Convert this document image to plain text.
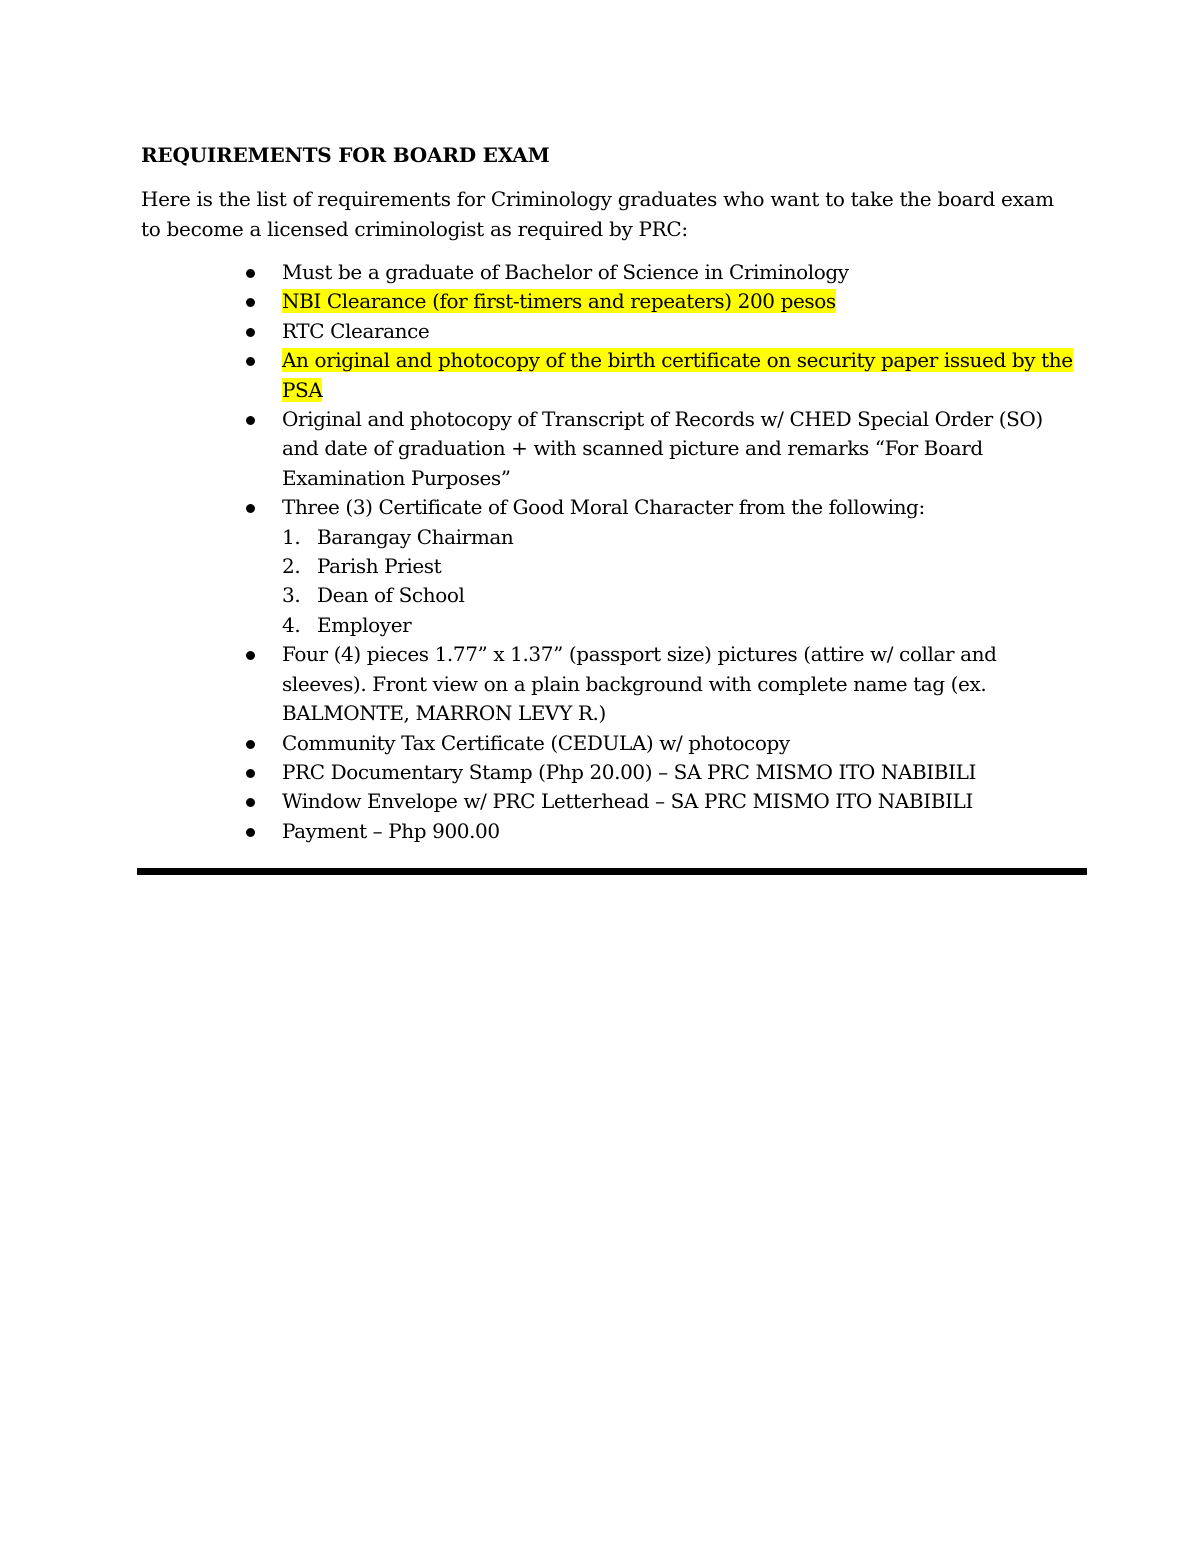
REQUIREMENTS FOR BOARD EXAM

Here is the list of requirements for Criminology graduates who want to take the board exam to become a licensed criminologist as required by PRC:

Must be a graduate of Bachelor of Science in Criminology
NBI Clearance (for first-timers and repeaters) 200 pesos
RTC Clearance
An original and photocopy of the birth certificate on security paper issued by the PSA
Original and photocopy of Transcript of Records w/ CHED Special Order (SO) and date of graduation + with scanned picture and remarks “For Board Examination Purposes”
Three (3) Certificate of Good Moral Character from the following:
1. Barangay Chairman
2. Parish Priest
3. Dean of School
4. Employer
Four (4) pieces 1.77” x 1.37” (passport size) pictures (attire w/ collar and sleeves). Front view on a plain background with complete name tag (ex. BALMONTE, MARRON LEVY R.)
Community Tax Certificate (CEDULA) w/ photocopy
PRC Documentary Stamp (Php 20.00) – SA PRC MISMO ITO NABIBILI
Window Envelope w/ PRC Letterhead – SA PRC MISMO ITO NABIBILI
Payment – Php 900.00
